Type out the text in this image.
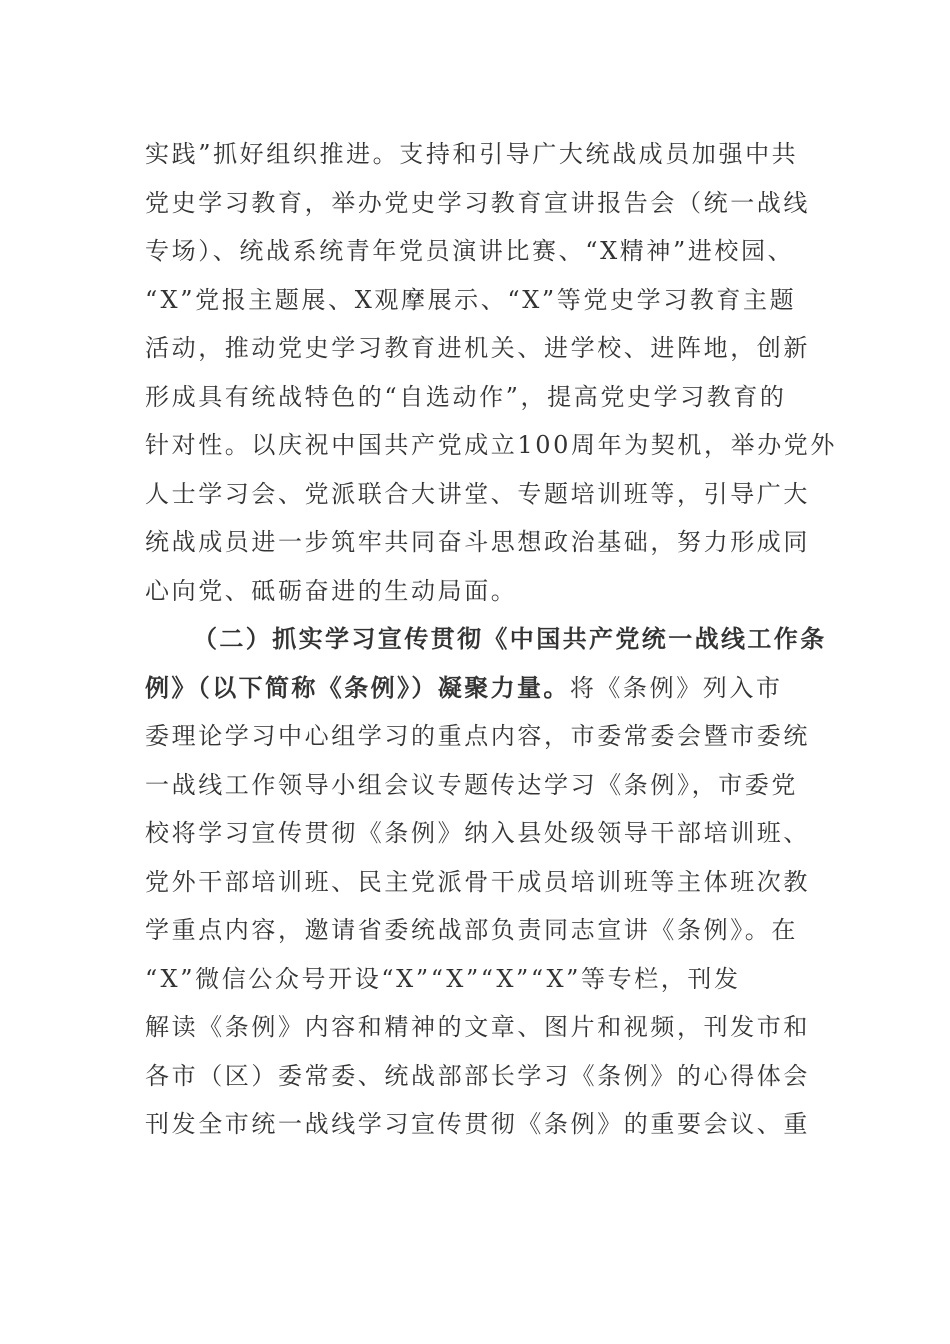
实践”抓好组织推进。支持和引导广大统战成员加强中共
党史学习教育，举办党史学习教育宣讲报告会（统一战线
专场）、统战系统青年党员演讲比赛、“X精神”进校园、
“X”党报主题展、X观摩展示、“X”等党史学习教育主题
活动，推动党史学习教育进机关、进学校、进阵地，创新
形成具有统战特色的“自选动作”，提高党史学习教育的
针对性。以庆祝中国共产党成立100周年为契机，举办党外
人士学习会、党派联合大讲堂、专题培训班等，引导广大
统战成员进一步筑牢共同奋斗思想政治基础，努力形成同
心向党、砥砺奋进的生动局面。
（二）抓实学习宣传贯彻《中国共产党统一战线工作条
例》（以下简称《条例》）凝聚力量。将《条例》列入市
委理论学习中心组学习的重点内容，市委常委会暨市委统
一战线工作领导小组会议专题传达学习《条例》，市委党
校将学习宣传贯彻《条例》纳入县处级领导干部培训班、
党外干部培训班、民主党派骨干成员培训班等主体班次教
学重点内容，邀请省委统战部负责同志宣讲《条例》。在
“X”微信公众号开设“X”“X”“X”“X”等专栏，刊发
解读《条例》内容和精神的文章、图片和视频，刊发市和
各市（区）委常委、统战部部长学习《条例》的心得体会
刊发全市统一战线学习宣传贯彻《条例》的重要会议、重
